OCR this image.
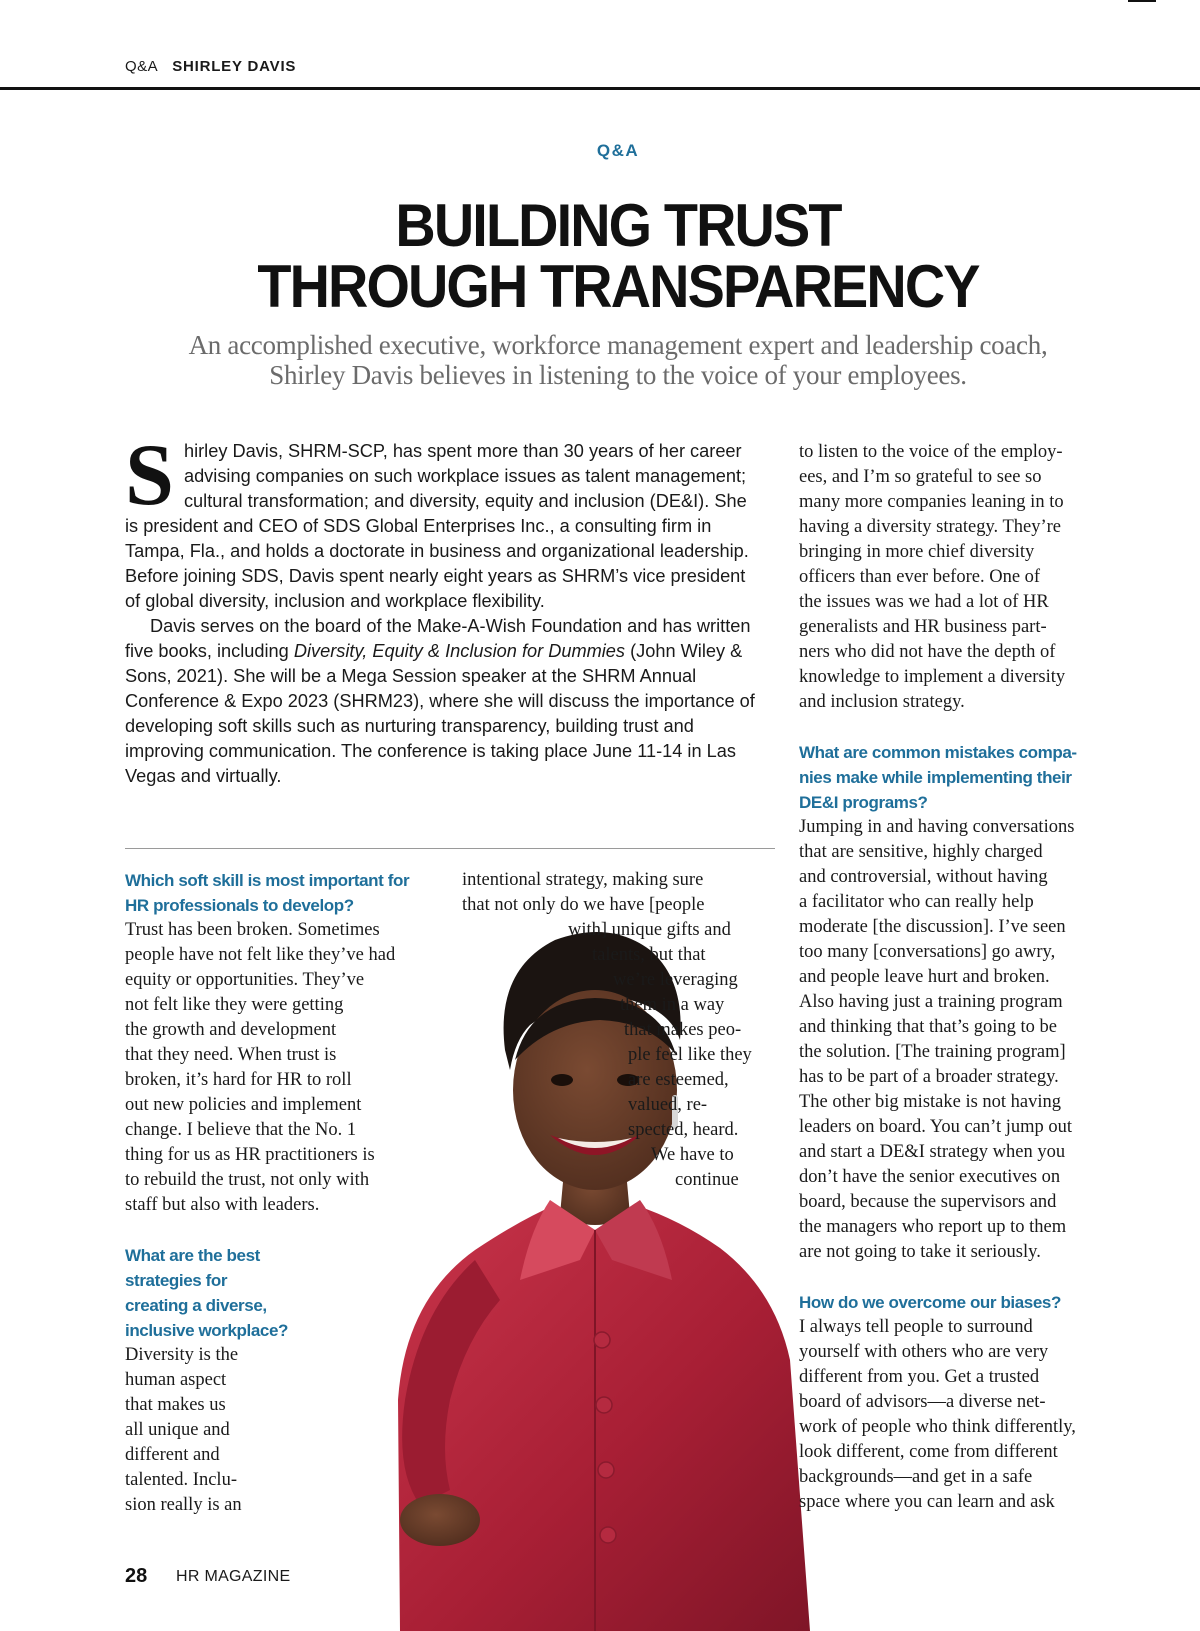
Q&A SHIRLEY DAVIS
Q&A
BUILDING TRUST
THROUGH TRANSPARENCY

An accomplished executive, workforce management expert and leadership coach,
Shirley Davis believes in listening to the voice of your employees.

Shirley Davis, SHRM-SCP, has spent more than 30 years of her career advising companies on such workplace issues as talent management; cultural transformation; and diversity, equity and inclusion (DE&I). She is president and CEO of SDS Global Enterprises Inc., a consulting firm in Tampa, Fla., and holds a doctorate in business and organizational leadership. Before joining SDS, Davis spent nearly eight years as SHRM’s vice president of global diversity, inclusion and workplace flexibility.

Davis serves on the board of the Make-A-Wish Foundation and has written five books, including Diversity, Equity & Inclusion for Dummies (John Wiley & Sons, 2021). She will be a Mega Session speaker at the SHRM Annual Conference & Expo 2023 (SHRM23), where she will discuss the importance of developing soft skills such as nurturing transparency, building trust and improving communication. The conference is taking place June 11-14 in Las Vegas and virtually.

Which soft skill is most important for
HR professionals to develop?

Trust has been broken. Sometimes
people have not felt like they’ve had
equity or opportunities. They’ve
not felt like they were getting
the growth and development
that they need. When trust is
broken, it’s hard for HR to roll
out new policies and implement
change. I believe that the No. 1
thing for us as HR practitioners is
to rebuild the trust, not only with
staff but also with leaders.

What are the best
strategies for
creating a diverse,
inclusive workplace?

Diversity is the
human aspect
that makes us
all unique and
different and
talented. Inclu-
sion really is an

intentional strategy, making sure
that not only do we have [people
with] unique gifts and
talents, but that
we’re leveraging
them in a way
that makes peo-
ple feel like they
are esteemed,
valued, re-
spected, heard.
We have to
continue

to listen to the voice of the employ-
ees, and I’m so grateful to see so
many more companies leaning in to
having a diversity strategy. They’re
bringing in more chief diversity
officers than ever before. One of
the issues was we had a lot of HR
generalists and HR business part-
ners who did not have the depth of
knowledge to implement a diversity
and inclusion strategy.

What are common mistakes compa-
nies make while implementing their
DE&I programs?

Jumping in and having conversations
that are sensitive, highly charged
and controversial, without having
a facilitator who can really help
moderate [the discussion]. I’ve seen
too many [conversations] go awry,
and people leave hurt and broken.
Also having just a training program
and thinking that that’s going to be
the solution. [The training program]
has to be part of a broader strategy.
The other big mistake is not having
leaders on board. You can’t jump out
and start a DE&I strategy when you
don’t have the senior executives on
board, because the supervisors and
the managers who report up to them
are not going to take it seriously.

How do we overcome our biases?

I always tell people to surround
yourself with others who are very
different from you. Get a trusted
board of advisors—a diverse net-
work of people who think differently,
look different, come from different
backgrounds—and get in a safe
space where you can learn and ask

28 HR MAGAZINE
